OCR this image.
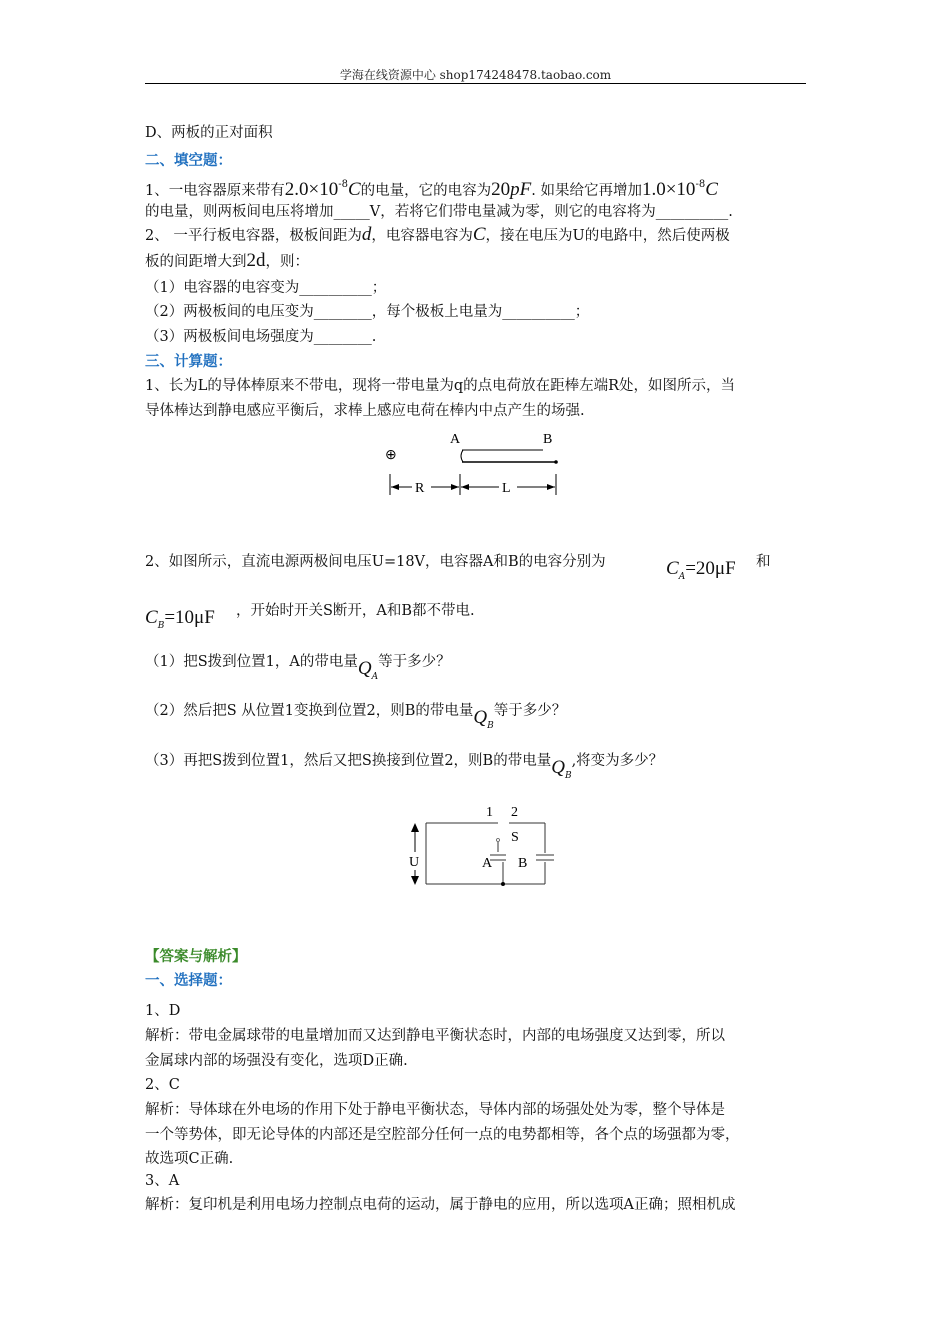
学海在线资源中心 shop174248478.taobao.com
D、两板的正对面积
二、填空题：
1、一电容器原来带有$2.0\times 10^{-8}C$的电量，它的电容为20pF. 如果给它再增加$1.0\times 10^{-8}C$
的电量，则两板间电压将增加_____V，若将它们带电量减为零，则它的电容将为__________.
2、 一平行板电容器，极板间距为d，电容器电容为C，接在电压为U的电路中，然后使两极
板的间距增大到2d，则：
（1）电容器的电容变为__________；
（2）两极板间的电压变为________，每个极板上电量为__________；
（3）两极板间电场强度为________.
三、计算题：
1、长为L的导体棒原来不带电，现将一带电量为q的点电荷放在距棒左端R处，如图所示，当
导体棒达到静电感应平衡后，求棒上感应电荷在棒内中点产生的场强.
A	B
⊕
R	L
2、如图所示，直流电源两极间电压U=18V，电容器A和B的电容分别为	$C_A=20\mu F$ 和
$C_B=10\mu F$ ，开始时开关S断开，A和B都不带电.
（1）把S拨到位置1，A的带电量$Q_A$等于多少？
（2）然后把S 从位置1变换到位置2，则B的带电量$Q_B$等于多少？
（3）再把S拨到位置1，然后又把S换接到位置2，则B的带电量$Q_B$,将变为多少？
1 2
S
A B
U
【答案与解析】
一、选择题：
1、D
解析：带电金属球带的电量增加而又达到静电平衡状态时，内部的电场强度又达到零，所以
金属球内部的场强没有变化，选项D正确.
2、C
解析：导体球在外电场的作用下处于静电平衡状态，导体内部的场强处处为零，整个导体是
一个等势体，即无论导体的内部还是空腔部分任何一点的电势都相等，各个点的场强都为零，
故选项C正确.
3、A
解析：复印机是利用电场力控制点电荷的运动，属于静电的应用，所以选项A正确；照相机成
